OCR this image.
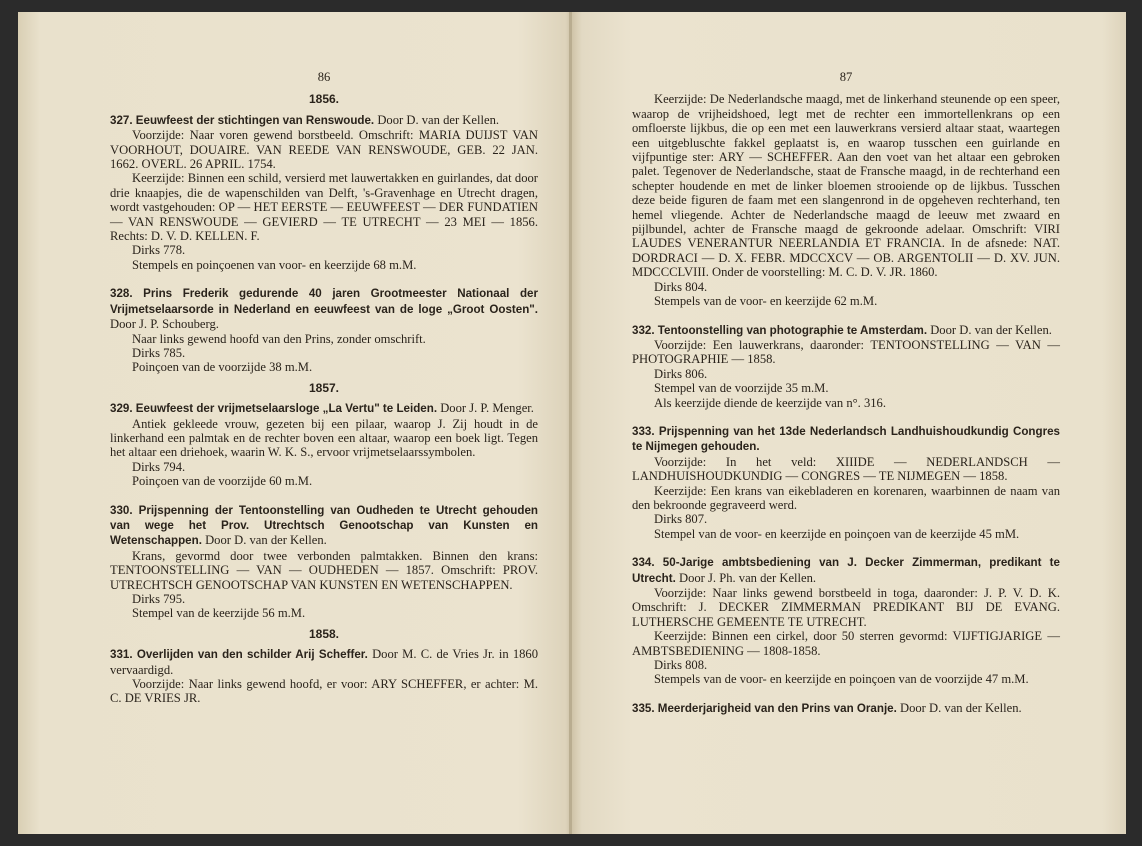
86
1856.

327. Eeuwfeest der stichtingen van Renswoude. Door D. van der Kellen.

Voorzijde: Naar voren gewend borstbeeld. Omschrift: MARIA DUIJST VAN VOORHOUT, DOUAIRE. VAN REEDE VAN RENSWOUDE, GEB. 22 JAN. 1662. OVERL. 26 APRIL. 1754.

Keerzijde: Binnen een schild, versierd met lauwertakken en guirlandes, dat door drie knaapjes, die de wapenschilden van Delft, 's-Gravenhage en Utrecht dragen, wordt vastgehouden: OP — HET EERSTE — EEUWFEEST — DER FUNDATIEN — VAN RENSWOUDE — GEVIERD — TE UTRECHT — 23 MEI — 1856. Rechts: D. V. D. KELLEN. F.

Dirks 778.

Stempels en poinçoenen van voor- en keerzijde 68 m.M.

328. Prins Frederik gedurende 40 jaren Grootmeester Nationaal der Vrijmetselaarsorde in Nederland en eeuwfeest van de loge „Groot Oosten". Door J. P. Schouberg.

Naar links gewend hoofd van den Prins, zonder omschrift.

Dirks 785.

Poinçoen van de voorzijde 38 m.M.

1857.

329. Eeuwfeest der vrijmetselaarsloge „La Vertu" te Leiden. Door J. P. Menger.

Antiek gekleede vrouw, gezeten bij een pilaar, waarop J. Zij houdt in de linkerhand een palmtak en de rechter boven een altaar, waarop een boek ligt. Tegen het altaar een driehoek, waarin W. K. S., ervoor vrijmetselaarssymbolen.

Dirks 794.

Poinçoen van de voorzijde 60 m.M.

330. Prijspenning der Tentoonstelling van Oudheden te Utrecht gehouden van wege het Prov. Utrechtsch Genootschap van Kunsten en Wetenschappen. Door D. van der Kellen.

Krans, gevormd door twee verbonden palmtakken. Binnen den krans: TENTOONSTELLING — VAN — OUDHEDEN — 1857. Omschrift: PROV. UTRECHTSCH GENOOTSCHAP VAN KUNSTEN EN WETENSCHAPPEN.

Dirks 795.

Stempel van de keerzijde 56 m.M.

1858.

331. Overlijden van den schilder Arij Scheffer. Door M. C. de Vries Jr. in 1860 vervaardigd.

Voorzijde: Naar links gewend hoofd, er voor: ARY SCHEFFER, er achter: M. C. DE VRIES JR.

87

Keerzijde: De Nederlandsche maagd, met de linkerhand steunende op een speer, waarop de vrijheidshoed, legt met de rechter een immortellenkrans op een omfloerste lijkbus, die op een met een lauwerkrans versierd altaar staat, waartegen een uitgebluschte fakkel geplaatst is, en waarop tusschen een guirlande en vijfpuntige ster: ARY — SCHEFFER. Aan den voet van het altaar een gebroken palet. Tegenover de Nederlandsche, staat de Fransche maagd, in de rechterhand een schepter houdende en met de linker bloemen strooiende op de lijkbus. Tusschen deze beide figuren de faam met een slangenrond in de opgeheven rechterhand, ten hemel vliegende. Achter de Nederlandsche maagd de leeuw met zwaard en pijlbundel, achter de Fransche maagd de gekroonde adelaar. Omschrift: VIRI LAUDES VENERANTUR NEERLANDIA ET FRANCIA. In de afsnede: NAT. DORDRACI — D. X. FEBR. MDCCXCV — OB. ARGENTOLII — D. XV. JUN. MDCCCLVIII. Onder de voorstelling: M. C. D. V. JR. 1860.

Dirks 804.

Stempels van de voor- en keerzijde 62 m.M.

332. Tentoonstelling van photographie te Amsterdam. Door D. van der Kellen.

Voorzijde: Een lauwerkrans, daaronder: TENTOONSTELLING — VAN — PHOTOGRAPHIE — 1858.

Dirks 806.

Stempel van de voorzijde 35 m.M.

Als keerzijde diende de keerzijde van n°. 316.

333. Prijspenning van het 13de Nederlandsch Landhuishoudkundig Congres te Nijmegen gehouden.

Voorzijde: In het veld: XIIIDE — NEDERLANDSCH — LANDHUISHOUDKUNDIG — CONGRES — TE NIJMEGEN — 1858.

Keerzijde: Een krans van eikebladeren en korenaren, waarbinnen de naam van den bekroonde gegraveerd werd.

Dirks 807.

Stempel van de voor- en keerzijde en poinçoen van de keerzijde 45 mM.

334. 50-Jarige ambtsbediening van J. Decker Zimmerman, predikant te Utrecht. Door J. Ph. van der Kellen.

Voorzijde: Naar links gewend borstbeeld in toga, daaronder: J. P. V. D. K. Omschrift: J. DECKER ZIMMERMAN PREDIKANT BIJ DE EVANG. LUTHERSCHE GEMEENTE TE UTRECHT.

Keerzijde: Binnen een cirkel, door 50 sterren gevormd: VIJFTIGJARIGE — AMBTSBEDIENING — 1808-1858.

Dirks 808.

Stempels van de voor- en keerzijde en poinçoen van de voorzijde 47 m.M.

335. Meerderjarigheid van den Prins van Oranje. Door D. van der Kellen.
